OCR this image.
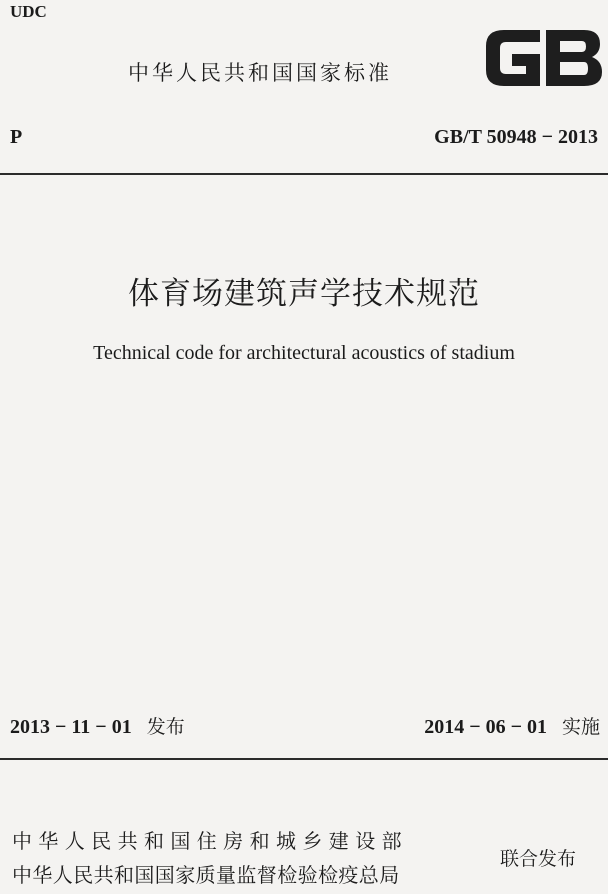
UDC
中华人民共和国国家标准
P	GB/T 50948 − 2013
体育场建筑声学技术规范
Technical code for architectural acoustics of stadium
2013 − 11 − 01 发布	2014 − 06 − 01 实施
中华人民共和国住房和城乡建设部
中华人民共和国国家质量监督检验检疫总局
联合发布
